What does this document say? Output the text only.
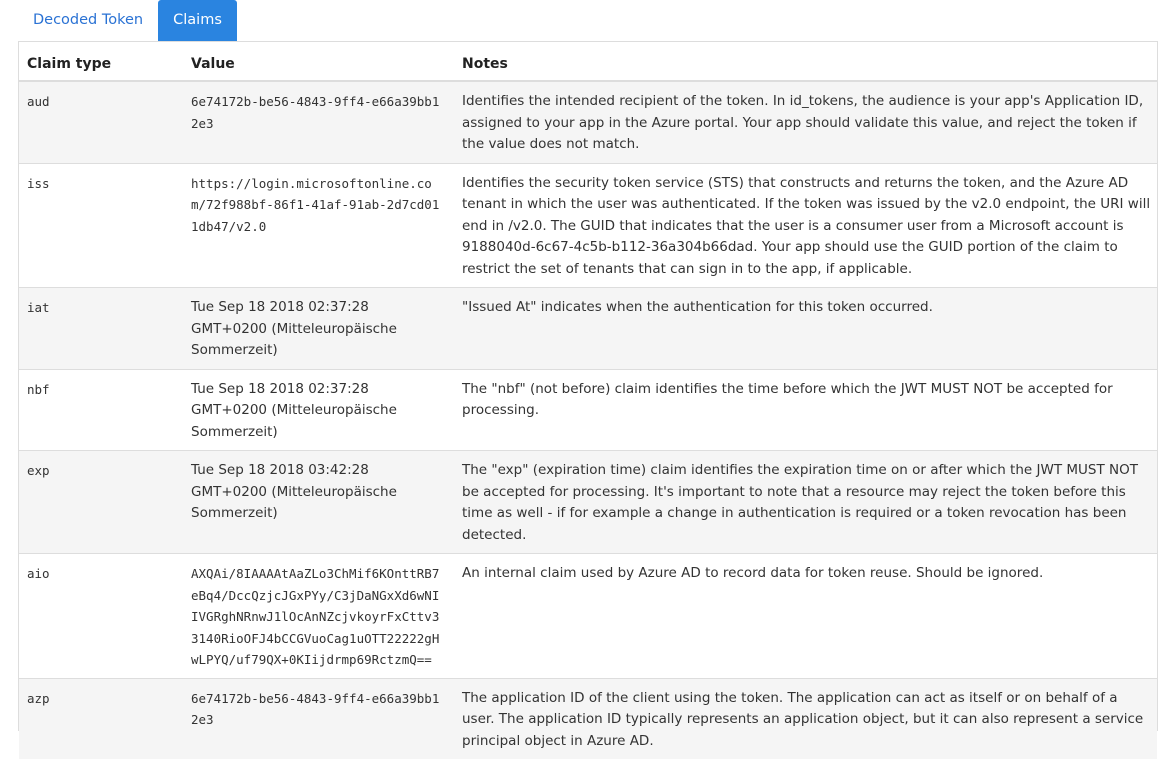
Decoded Token	Claims
Claim type	Value	Notes
aud	6e74172b-be56-4843-9ff4-e66a39bb12e3	Identifies the intended recipient of the token. In id_tokens, the audience is your app's Application ID, assigned to your app in the Azure portal. Your app should validate this value, and reject the token if the value does not match.
iss	https://login.microsoftonline.com/72f988bf-86f1-41af-91ab-2d7cd011db47/v2.0	Identifies the security token service (STS) that constructs and returns the token, and the Azure AD tenant in which the user was authenticated. If the token was issued by the v2.0 endpoint, the URI will end in /v2.0. The GUID that indicates that the user is a consumer user from a Microsoft account is 9188040d-6c67-4c5b-b112-36a304b66dad. Your app should use the GUID portion of the claim to restrict the set of tenants that can sign in to the app, if applicable.
iat	Tue Sep 18 2018 02:37:28 GMT+0200 (Mitteleuropäische Sommerzeit)	"Issued At" indicates when the authentication for this token occurred.
nbf	Tue Sep 18 2018 02:37:28 GMT+0200 (Mitteleuropäische Sommerzeit)	The "nbf" (not before) claim identifies the time before which the JWT MUST NOT be accepted for processing.
exp	Tue Sep 18 2018 03:42:28 GMT+0200 (Mitteleuropäische Sommerzeit)	The "exp" (expiration time) claim identifies the expiration time on or after which the JWT MUST NOT be accepted for processing. It's important to note that a resource may reject the token before this time as well - if for example a change in authentication is required or a token revocation has been detected.
aio	AXQAi/8IAAAAtAaZLo3ChMif6KOnttRB7eBq4/DccQzjcJGxPYy/C3jDaNGxXd6wNIIVGRghNRnwJ1lOcAnNZcjvkoyrFxCttv33140RioOFJ4bCCGVuoCag1uOTT22222gHwLPYQ/uf79QX+0KIijdrmp69RctzmQ==	An internal claim used by Azure AD to record data for token reuse. Should be ignored.
azp	6e74172b-be56-4843-9ff4-e66a39bb12e3	The application ID of the client using the token. The application can act as itself or on behalf of a user. The application ID typically represents an application object, but it can also represent a service principal object in Azure AD.
